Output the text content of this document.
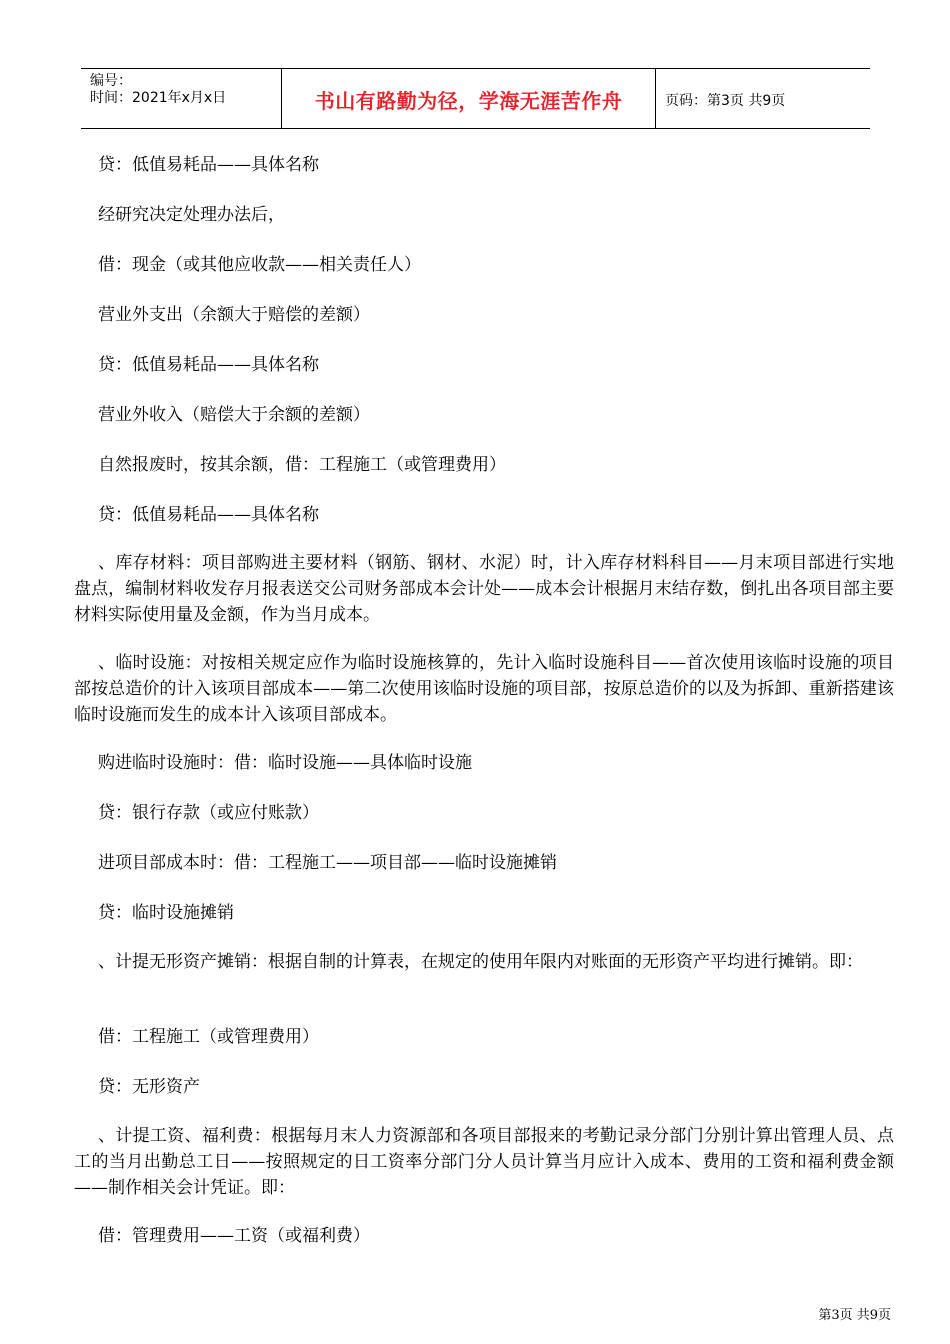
编号：
时间：2021年x月x日	书山有路勤为径，学海无涯苦作舟	页码：第3页 共9页
贷：低值易耗品——具体名称
经研究决定处理办法后，
借：现金（或其他应收款——相关责任人）
营业外支出（余额大于赔偿的差额）
贷：低值易耗品——具体名称
营业外收入（赔偿大于余额的差额）
自然报废时，按其余额，借：工程施工（或管理费用）
贷：低值易耗品——具体名称
、库存材料：项目部购进主要材料（钢筋、钢材、水泥）时，计入库存材料科目——月末项目部进行实地盘点，编制材料收发存月报表送交公司财务部成本会计处——成本会计根据月末结存数，倒扎出各项目部主要材料实际使用量及金额，作为当月成本。
、临时设施：对按相关规定应作为临时设施核算的，先计入临时设施科目——首次使用该临时设施的项目部按总造价的计入该项目部成本——第二次使用该临时设施的项目部，按原总造价的以及为拆卸、重新搭建该临时设施而发生的成本计入该项目部成本。
购进临时设施时：借：临时设施——具体临时设施
贷：银行存款（或应付账款）
进项目部成本时：借：工程施工——项目部——临时设施摊销
贷：临时设施摊销
、计提无形资产摊销：根据自制的计算表，在规定的使用年限内对账面的无形资产平均进行摊销。即：
借：工程施工（或管理费用）
贷：无形资产
、计提工资、福利费：根据每月末人力资源部和各项目部报来的考勤记录分部门分别计算出管理人员、点工的当月出勤总工日——按照规定的日工资率分部门分人员计算当月应计入成本、费用的工资和福利费金额——制作相关会计凭证。即：
借：管理费用——工资（或福利费）
第3页 共9页
